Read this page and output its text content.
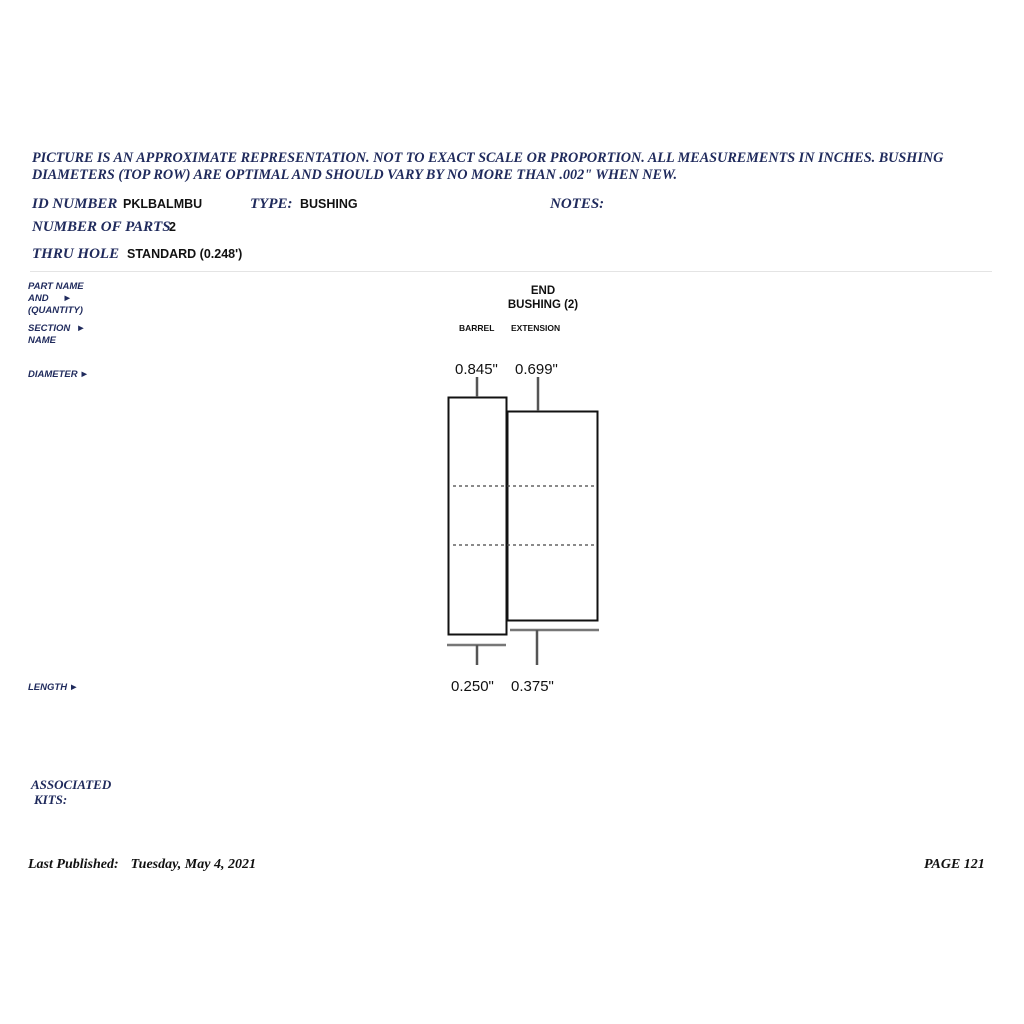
PICTURE IS AN APPROXIMATE REPRESENTATION. NOT TO EXACT SCALE OR PROPORTION. ALL MEASUREMENTS IN INCHES. BUSHING DIAMETERS (TOP ROW) ARE OPTIMAL AND SHOULD VARY BY NO MORE THAN .002" WHEN NEW.
ID NUMBER PKLBALMBU	TYPE: BUSHING	NOTES:
NUMBER OF PARTS
2
THRU HOLE STANDARD (0.248')
PART NAME
AND ►
(QUANTITY)
SECTION ►
NAME
DIAMETER ►
LENGTH ►
END
BUSHING (2)
BARREL EXTENSION
0.845" 0.699"
0.250" 0.375"
ASSOCIATED
KITS:
Last Published: Tuesday, May 4, 2021	PAGE 121
